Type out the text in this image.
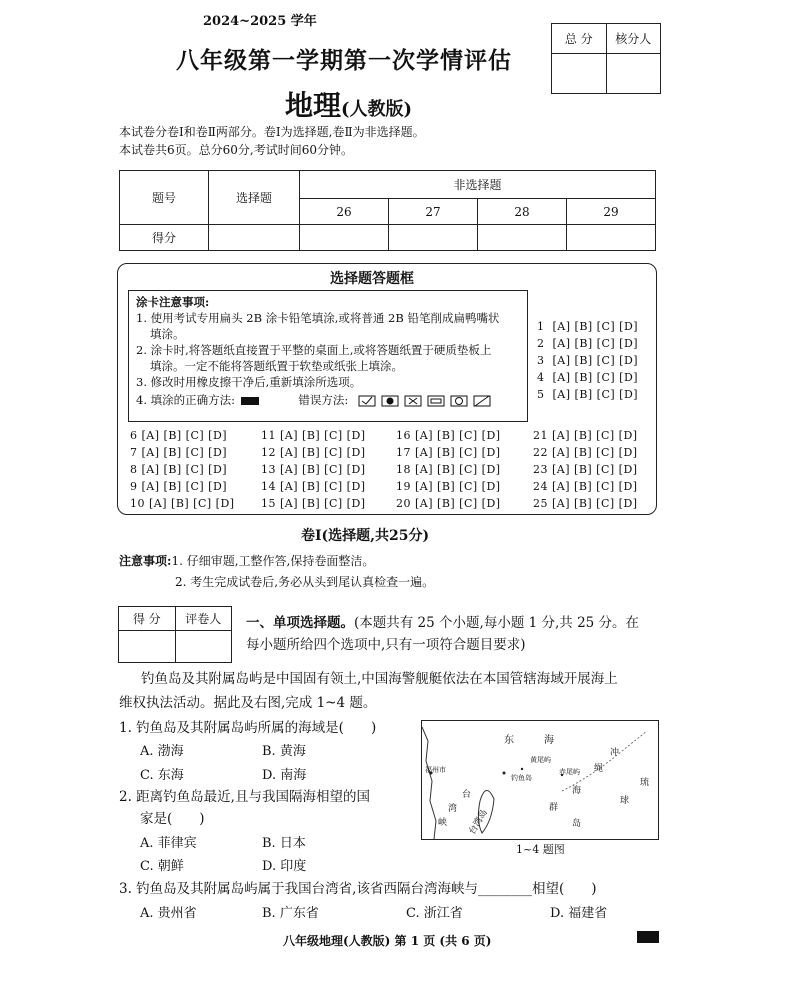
2024~2025 学年
八年级第一学期第一次学情评估
地理(人教版)
总 分	核分人

本试卷分卷Ⅰ和卷Ⅱ两部分。卷Ⅰ为选择题,卷Ⅱ为非选择题。
本试卷共6页。总分60分,考试时间60分钟。
题号	选择题	非选择题			
		26	27	28	29
得分					
选择题答题框
涂卡注意事项:
1. 使用考试专用扁头 2B 涂卡铅笔填涂,或将普通 2B 铅笔削成扁鸭嘴状
填涂。
2. 涂卡时,将答题纸直接置于平整的桌面上,或将答题纸置于硬质垫板上
填涂。一定不能将答题纸置于软垫或纸张上填涂。
3. 修改时用橡皮擦干净后,重新填涂所选项。
4. 填涂的正确方法:	错误方法:
1 [A] [B] [C] [D]
2 [A] [B] [C] [D]
3 [A] [B] [C] [D]
4 [A] [B] [C] [D]
5 [A] [B] [C] [D]
6 [A] [B] [C] [D]
7 [A] [B] [C] [D]
8 [A] [B] [C] [D]
9 [A] [B] [C] [D]
10 [A] [B] [C] [D]
11 [A] [B] [C] [D]
12 [A] [B] [C] [D]
13 [A] [B] [C] [D]
14 [A] [B] [C] [D]
15 [A] [B] [C] [D]
16 [A] [B] [C] [D]
17 [A] [B] [C] [D]
18 [A] [B] [C] [D]
19 [A] [B] [C] [D]
20 [A] [B] [C] [D]
21 [A] [B] [C] [D]
22 [A] [B] [C] [D]
23 [A] [B] [C] [D]
24 [A] [B] [C] [D]
25 [A] [B] [C] [D]
卷Ⅰ(选择题,共25分)
注意事项:1. 仔细审题,工整作答,保持卷面整洁。
2. 考生完成试卷后,务必从头到尾认真检查一遍。
得 分	评卷人
	一、单项选择题。(本题共有 25 个小题,每小题 1 分,共 25 分。在
每小题所给四个选项中,只有一项符合题目要求)
钓鱼岛及其附属岛屿是中国固有领土,中国海警舰艇依法在本国管辖海域开展海上
维权执法活动。据此及右图,完成 1~4 题。
1. 钓鱼岛及其附属岛屿所属的海域是(　　)
A. 渤海	B. 黄海
C. 东海	D. 南海
2. 距离钓鱼岛最近,且与我国隔海相望的国
家是(　　)
A. 菲律宾	B. 日本
C. 朝鲜	D. 印度
东	海
福州市
钓鱼岛
黄尾屿
赤尾屿
台
湾
峡 台湾岛
冲
绳
海
群
岛
琉
球
1~4 题图
3. 钓鱼岛及其附属岛屿属于我国台湾省,该省西隔台湾海峡与________相望(　　)
A. 贵州省	B. 广东省	C. 浙江省	D. 福建省
八年级地理(人教版) 第 1 页 (共 6 页)
